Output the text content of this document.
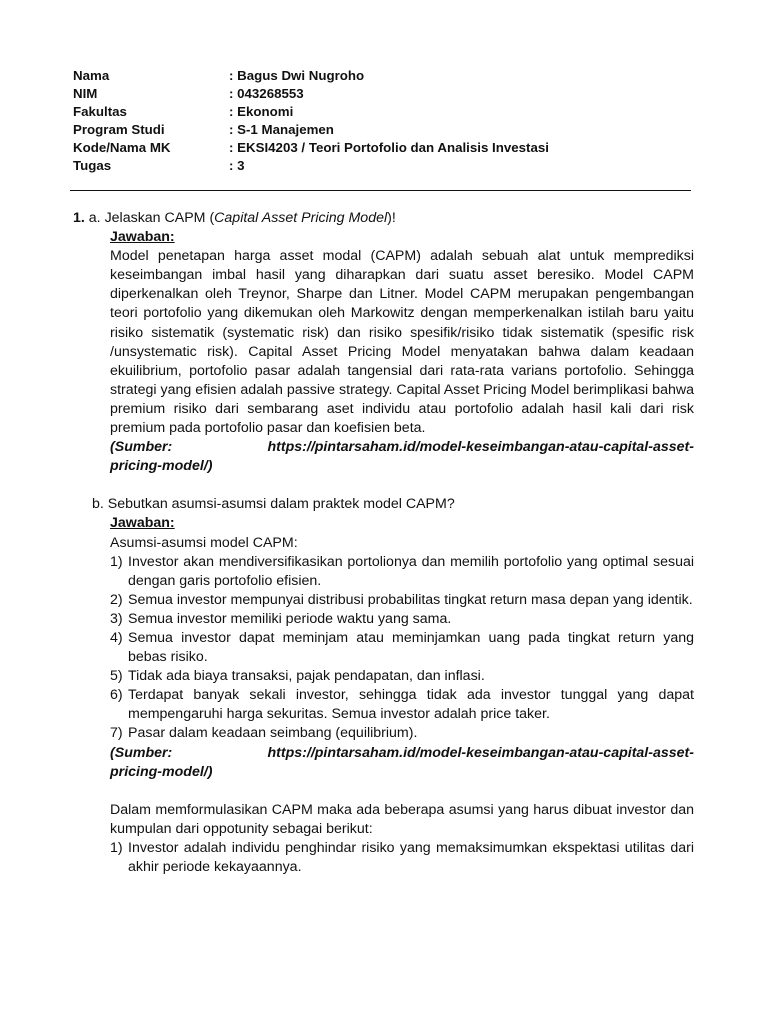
Nama	: Bagus Dwi Nugroho
NIM	: 043268553
Fakultas	: Ekonomi
Program Studi	: S-1 Manajemen
Kode/Nama MK	: EKSI4203 / Teori Portofolio dan Analisis Investasi
Tugas	: 3
1. a. Jelaskan CAPM (Capital Asset Pricing Model)!
Jawaban:
Model penetapan harga asset modal (CAPM) adalah sebuah alat untuk memprediksi keseimbangan imbal hasil yang diharapkan dari suatu asset beresiko. Model CAPM diperkenalkan oleh Treynor, Sharpe dan Litner. Model CAPM merupakan pengembangan teori portofolio yang dikemukan oleh Markowitz dengan memperkenalkan istilah baru yaitu risiko sistematik (systematic risk) dan risiko spesifik/risiko tidak sistematik (spesific risk /unsystematic risk). Capital Asset Pricing Model menyatakan bahwa dalam keadaan ekuilibrium, portofolio pasar adalah tangensial dari rata-rata varians portofolio. Sehingga strategi yang efisien adalah passive strategy. Capital Asset Pricing Model berimplikasi bahwa premium risiko dari sembarang aset individu atau portofolio adalah hasil kali dari risk premium pada portofolio pasar dan koefisien beta.
(Sumber:	https://pintarsaham.id/model-keseimbangan-atau-capital-asset-
pricing-model/)
b. Sebutkan asumsi-asumsi dalam praktek model CAPM?
Jawaban:
Asumsi-asumsi model CAPM:
1) Investor akan mendiversifikasikan portolionya dan memilih portofolio yang optimal sesuai dengan garis portofolio efisien.
2) Semua investor mempunyai distribusi probabilitas tingkat return masa depan yang identik.
3) Semua investor memiliki periode waktu yang sama.
4) Semua investor dapat meminjam atau meminjamkan uang pada tingkat return yang bebas risiko.
5) Tidak ada biaya transaksi, pajak pendapatan, dan inflasi.
6) Terdapat banyak sekali investor, sehingga tidak ada investor tunggal yang dapat mempengaruhi harga sekuritas. Semua investor adalah price taker.
7) Pasar dalam keadaan seimbang (equilibrium).
(Sumber:	https://pintarsaham.id/model-keseimbangan-atau-capital-asset-
pricing-model/)
Dalam memformulasikan CAPM maka ada beberapa asumsi yang harus dibuat investor dan kumpulan dari oppotunity sebagai berikut:
1) Investor adalah individu penghindar risiko yang memaksimumkan ekspektasi utilitas dari akhir periode kekayaannya.
